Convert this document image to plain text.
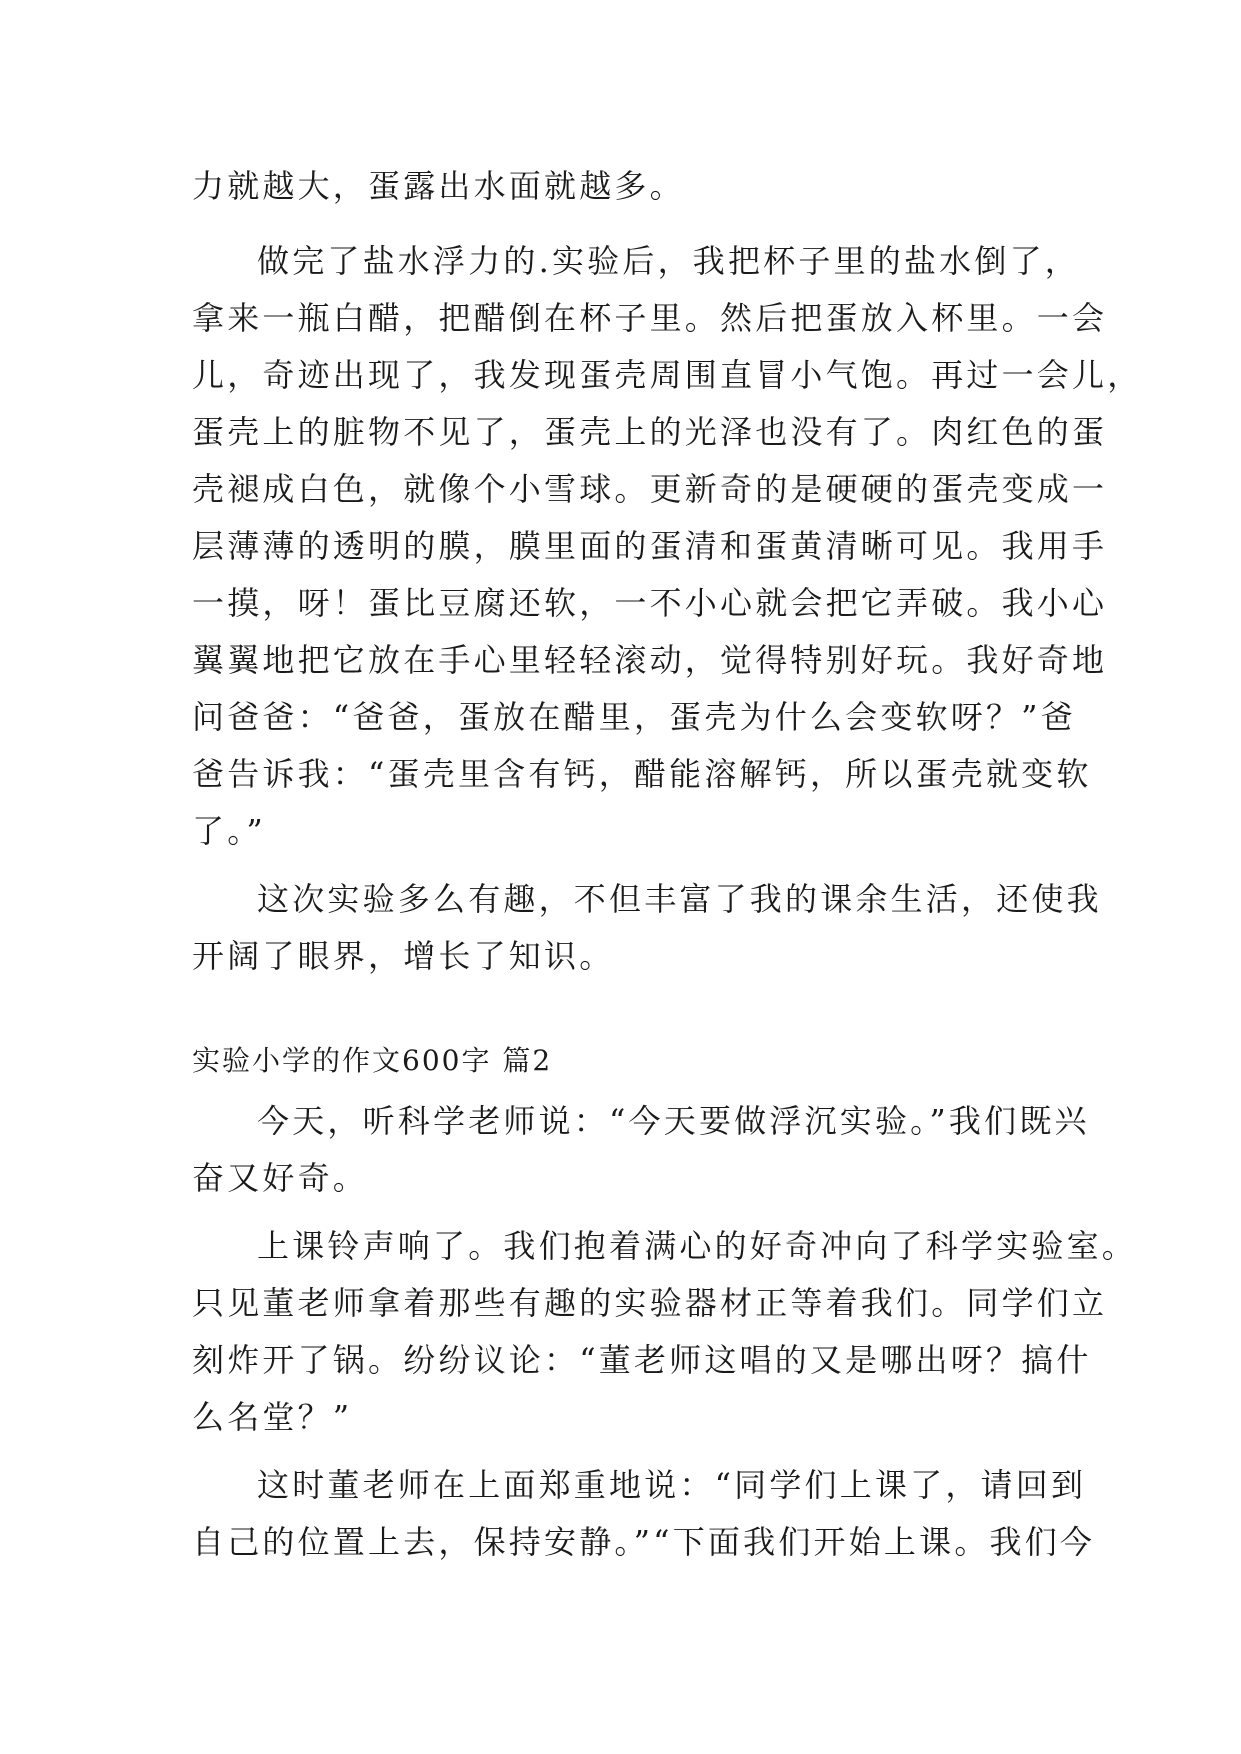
力就越大，蛋露出水面就越多。
做完了盐水浮力的.实验后，我把杯子里的盐水倒了，
拿来一瓶白醋，把醋倒在杯子里。然后把蛋放入杯里。一会
儿，奇迹出现了，我发现蛋壳周围直冒小气饱。再过一会儿，
蛋壳上的脏物不见了，蛋壳上的光泽也没有了。肉红色的蛋
壳褪成白色，就像个小雪球。更新奇的是硬硬的蛋壳变成一
层薄薄的透明的膜，膜里面的蛋清和蛋黄清晰可见。我用手
一摸，呀！蛋比豆腐还软，一不小心就会把它弄破。我小心
翼翼地把它放在手心里轻轻滚动，觉得特别好玩。我好奇地
问爸爸：“爸爸，蛋放在醋里，蛋壳为什么会变软呀？”爸
爸告诉我：“蛋壳里含有钙，醋能溶解钙，所以蛋壳就变软
了。”
这次实验多么有趣，不但丰富了我的课余生活，还使我
开阔了眼界，增长了知识。
实验小学的作文600字 篇2
今天，听科学老师说：“今天要做浮沉实验。”我们既兴
奋又好奇。
上课铃声响了。我们抱着满心的好奇冲向了科学实验室。
只见董老师拿着那些有趣的实验器材正等着我们。同学们立
刻炸开了锅。纷纷议论：“董老师这唱的又是哪出呀？搞什
么名堂？”
这时董老师在上面郑重地说：“同学们上课了，请回到
自己的位置上去，保持安静。”“下面我们开始上课。我们今
